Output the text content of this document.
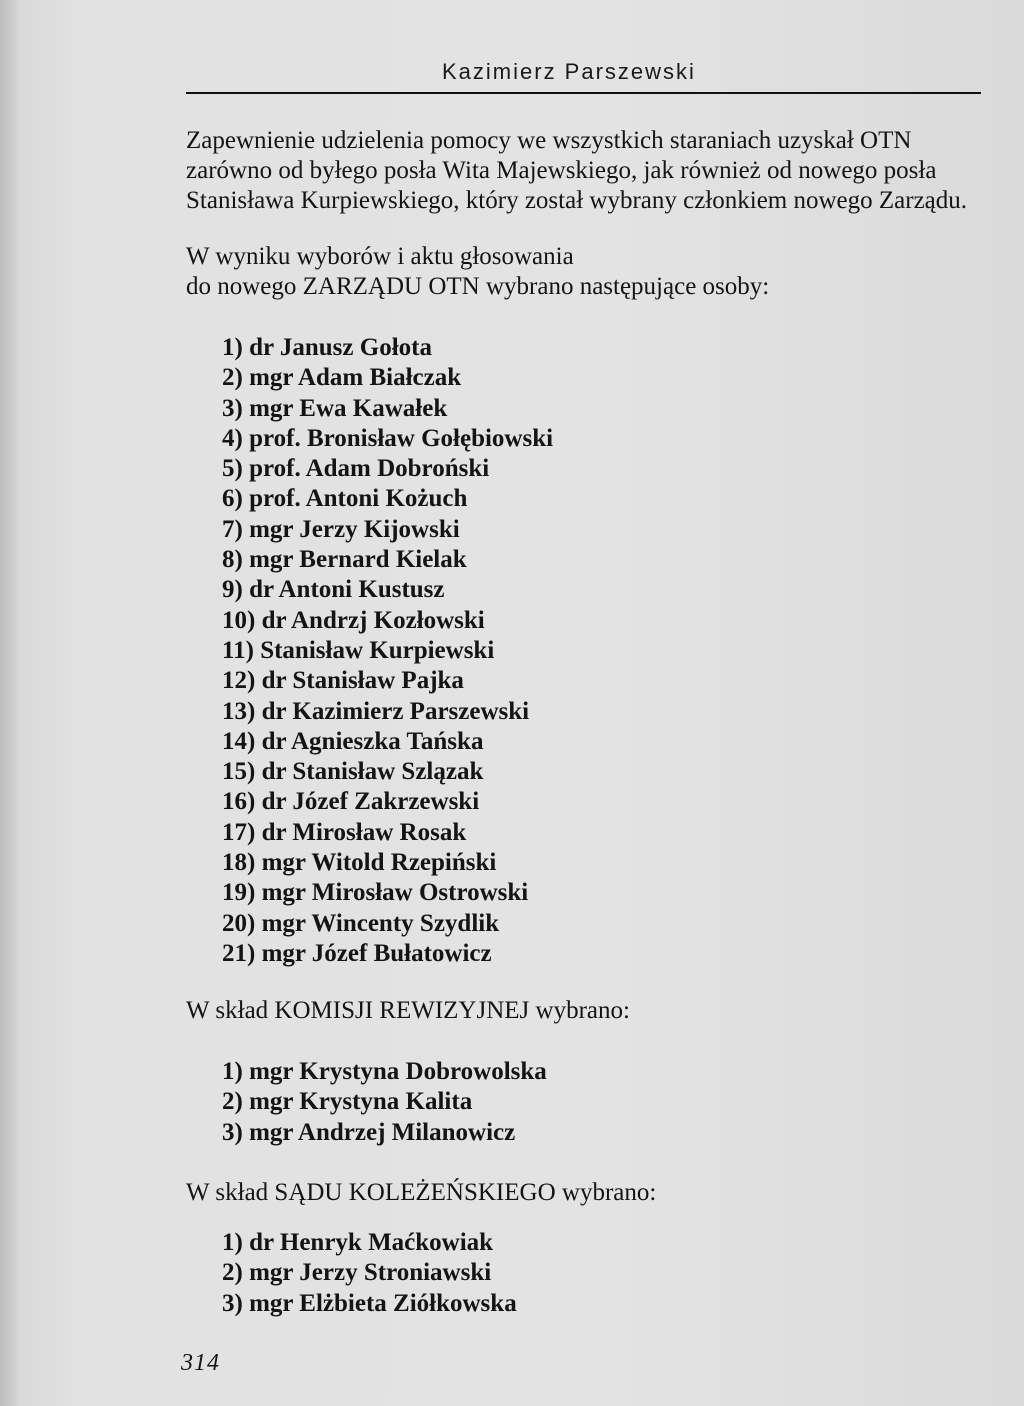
Kazimierz Parszewski

Zapewnienie udzielenia pomocy we wszystkich staraniach uzyskał OTN
zarówno od byłego posła Wita Majewskiego, jak również od nowego posła
Stanisława Kurpiewskiego, który został wybrany członkiem nowego Zarządu.

W wyniku wyborów i aktu głosowania
do nowego ZARZĄDU OTN wybrano następujące osoby:

1) dr Janusz Gołota
2) mgr Adam Białczak
3) mgr Ewa Kawałek
4) prof. Bronisław Gołębiowski
5) prof. Adam Dobroński
6) prof. Antoni Kożuch
7) mgr Jerzy Kijowski
8) mgr Bernard Kielak
9) dr Antoni Kustusz
10) dr Andrzj Kozłowski
11) Stanisław Kurpiewski
12) dr Stanisław Pajka
13) dr Kazimierz Parszewski
14) dr Agnieszka Tańska
15) dr Stanisław Szlązak
16) dr Józef Zakrzewski
17) dr Mirosław Rosak
18) mgr Witold Rzepiński
19) mgr Mirosław Ostrowski
20) mgr Wincenty Szydlik
21) mgr Józef Bułatowicz

W skład KOMISJI REWIZYJNEJ wybrano:

1) mgr Krystyna Dobrowolska
2) mgr Krystyna Kalita
3) mgr Andrzej Milanowicz

W skład SĄDU KOLEŻEŃSKIEGO wybrano:

1) dr Henryk Maćkowiak
2) mgr Jerzy Stroniawski
3) mgr Elżbieta Ziółkowska
314
